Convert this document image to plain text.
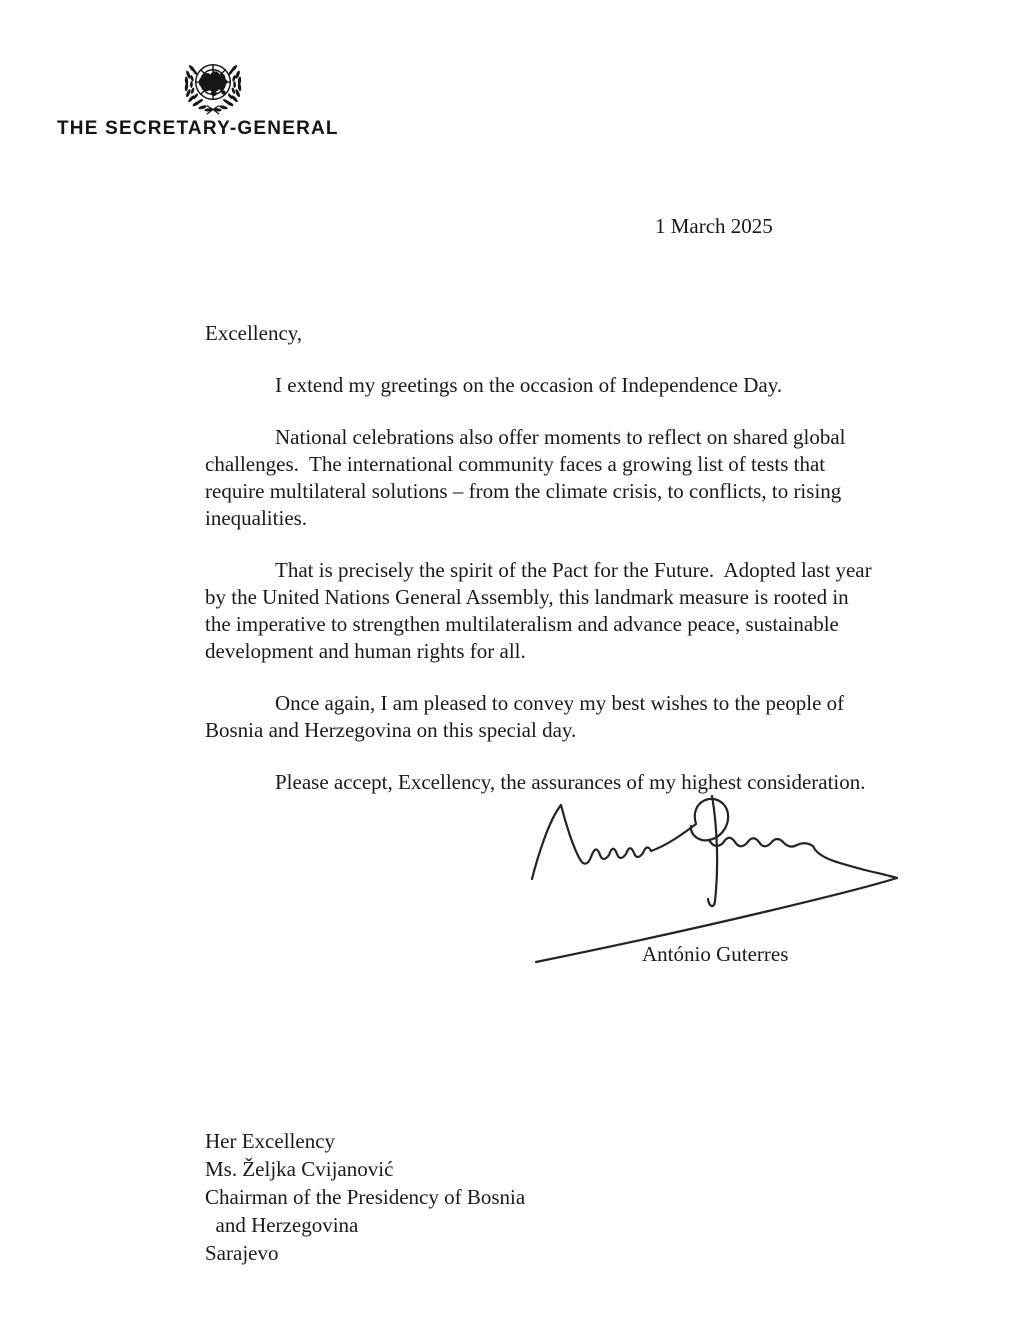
THE SECRETARY-GENERAL
1 March 2025
Excellency,
I extend my greetings on the occasion of Independence Day.
National celebrations also offer moments to reflect on shared global
challenges.  The international community faces a growing list of tests that
require multilateral solutions – from the climate crisis, to conflicts, to rising
inequalities.
That is precisely the spirit of the Pact for the Future.  Adopted last year
by the United Nations General Assembly, this landmark measure is rooted in
the imperative to strengthen multilateralism and advance peace, sustainable
development and human rights for all.
Once again, I am pleased to convey my best wishes to the people of
Bosnia and Herzegovina on this special day.
Please accept, Excellency, the assurances of my highest consideration.
António Guterres
Her Excellency
Ms. Željka Cvijanović
Chairman of the Presidency of Bosnia
and Herzegovina
Sarajevo
